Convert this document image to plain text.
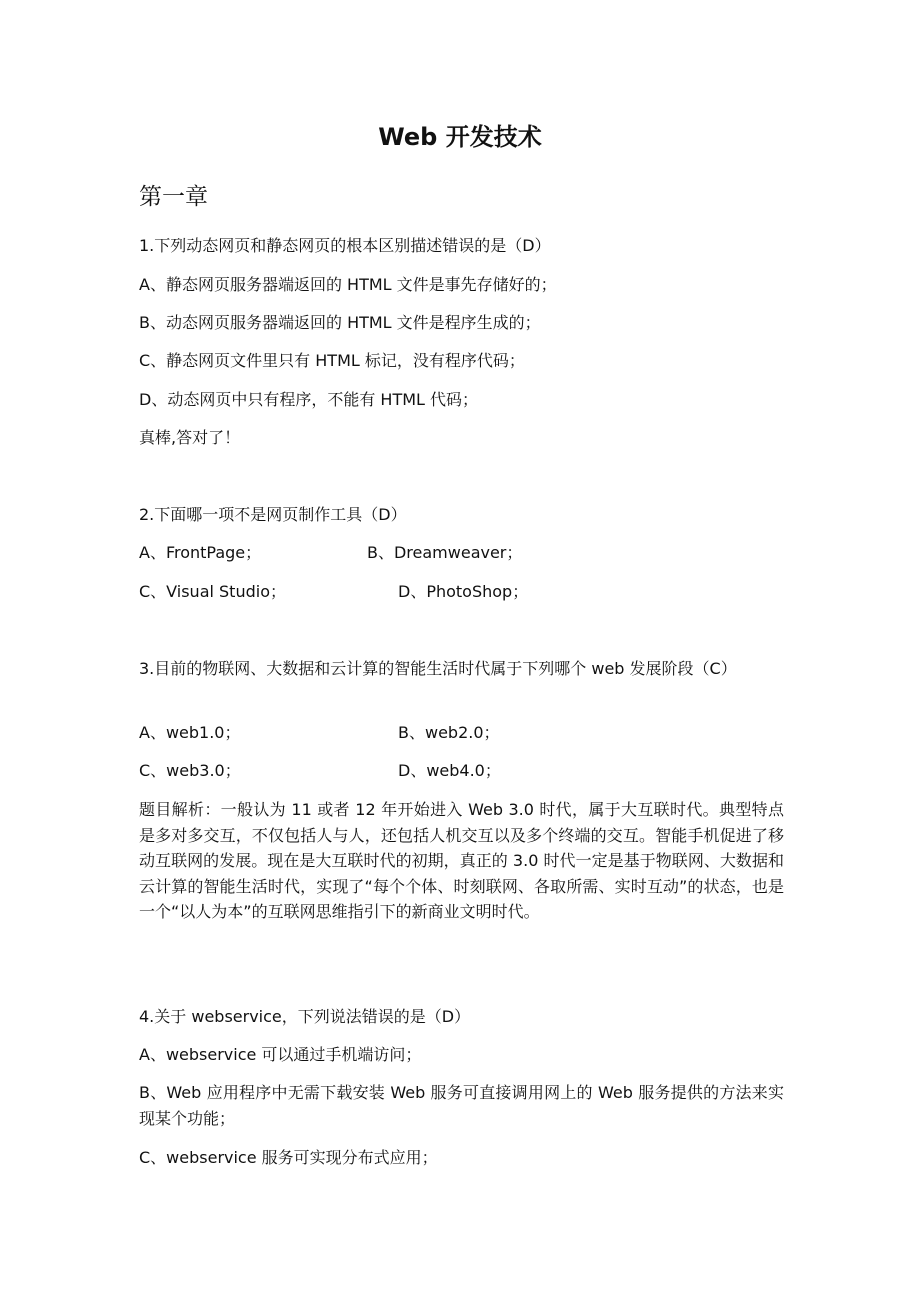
Web 开发技术
第一章
1.下列动态网页和静态网页的根本区别描述错误的是（D）
A、静态网页服务器端返回的 HTML 文件是事先存储好的；
B、动态网页服务器端返回的 HTML 文件是程序生成的；
C、静态网页文件里只有 HTML 标记，没有程序代码；
D、动态网页中只有程序，不能有 HTML 代码；
真棒,答对了！
2.下面哪一项不是网页制作工具（D）
A、FrontPage；	B、Dreamweaver；
C、Visual Studio；	D、PhotoShop；
3.目前的物联网、大数据和云计算的智能生活时代属于下列哪个 web 发展阶段（C）
A、web1.0；	B、web2.0；
C、web3.0；	D、web4.0；
题目解析：一般认为 11 或者 12 年开始进入 Web 3.0 时代，属于大互联时代。典型特点是多对多交互，不仅包括人与人，还包括人机交互以及多个终端的交互。智能手机促进了移动互联网的发展。现在是大互联时代的初期，真正的 3.0 时代一定是基于物联网、大数据和云计算的智能生活时代，实现了“每个个体、时刻联网、各取所需、实时互动”的状态，也是一个“以人为本”的互联网思维指引下的新商业文明时代。
4.关于 webservice，下列说法错误的是（D）
A、webservice 可以通过手机端访问；
B、Web 应用程序中无需下载安装 Web 服务可直接调用网上的 Web 服务提供的方法来实现某个功能；
C、webservice 服务可实现分布式应用；
